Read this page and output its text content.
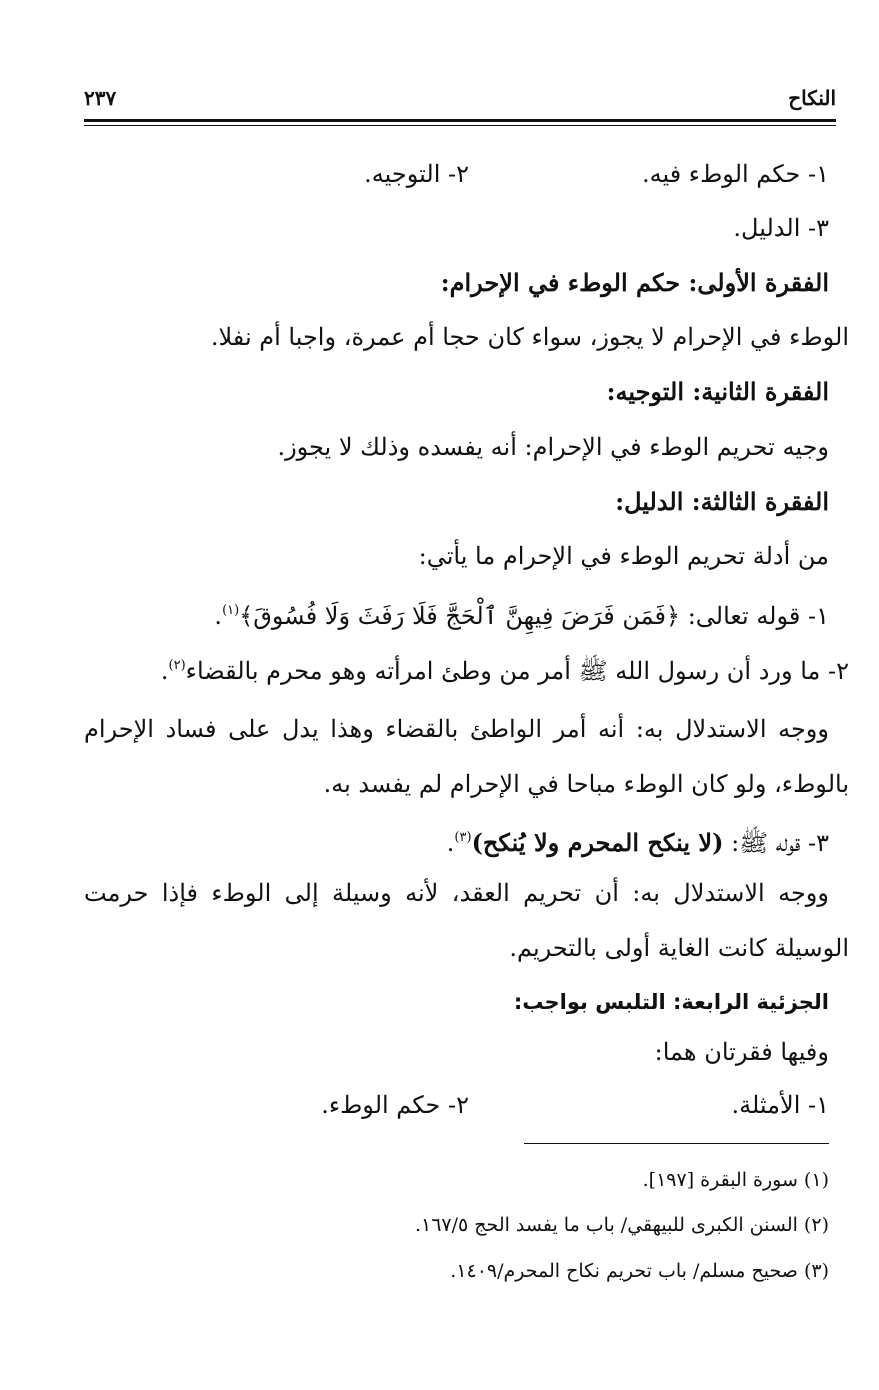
النكاح
٢٣٧
١- حكم الوطء فيه.
٢- التوجيه.
٣- الدليل.
الفقرة الأولى: حكم الوطء في الإحرام:
الوطء في الإحرام لا يجوز، سواء كان حجا أم عمرة، واجبا أم نفلا.
الفقرة الثانية: التوجيه:
وجيه تحريم الوطء في الإحرام: أنه يفسده وذلك لا يجوز.
الفقرة الثالثة: الدليل:
من أدلة تحريم الوطء في الإحرام ما يأتي:
١- قوله تعالى: ﴿فَمَن فَرَضَ فِيهِنَّ ٱلْحَجَّ فَلَا رَفَثَ وَلَا فُسُوقَ﴾$^{(١)}$.
٢- ما ورد أن رسول الله ﷺ أمر من وطئ امرأته وهو محرم بالقضاء$^{(٢)}$.
ووجه الاستدلال به: أنه أمر الواطئ بالقضاء وهذا يدل على فساد الإحرام
بالوطء، ولو كان الوطء مباحا في الإحرام لم يفسد به.
٣- قوله ﷺ: (لا ينكح المحرم ولا يُنكح)$^{(٣)}$.
ووجه الاستدلال به: أن تحريم العقد، لأنه وسيلة إلى الوطء فإذا حرمت
الوسيلة كانت الغاية أولى بالتحريم.
الجزئية الرابعة: التلبس بواجب:
وفيها فقرتان هما:
١- الأمثلة.
٢- حكم الوطء.
(١) سورة البقرة [١٩٧].
(٢) السنن الكبرى للبيهقي/ باب ما يفسد الحج ١٦٧/٥.
(٣) صحيح مسلم/ باب تحريم نكاح المحرم/١٤٠٩.
